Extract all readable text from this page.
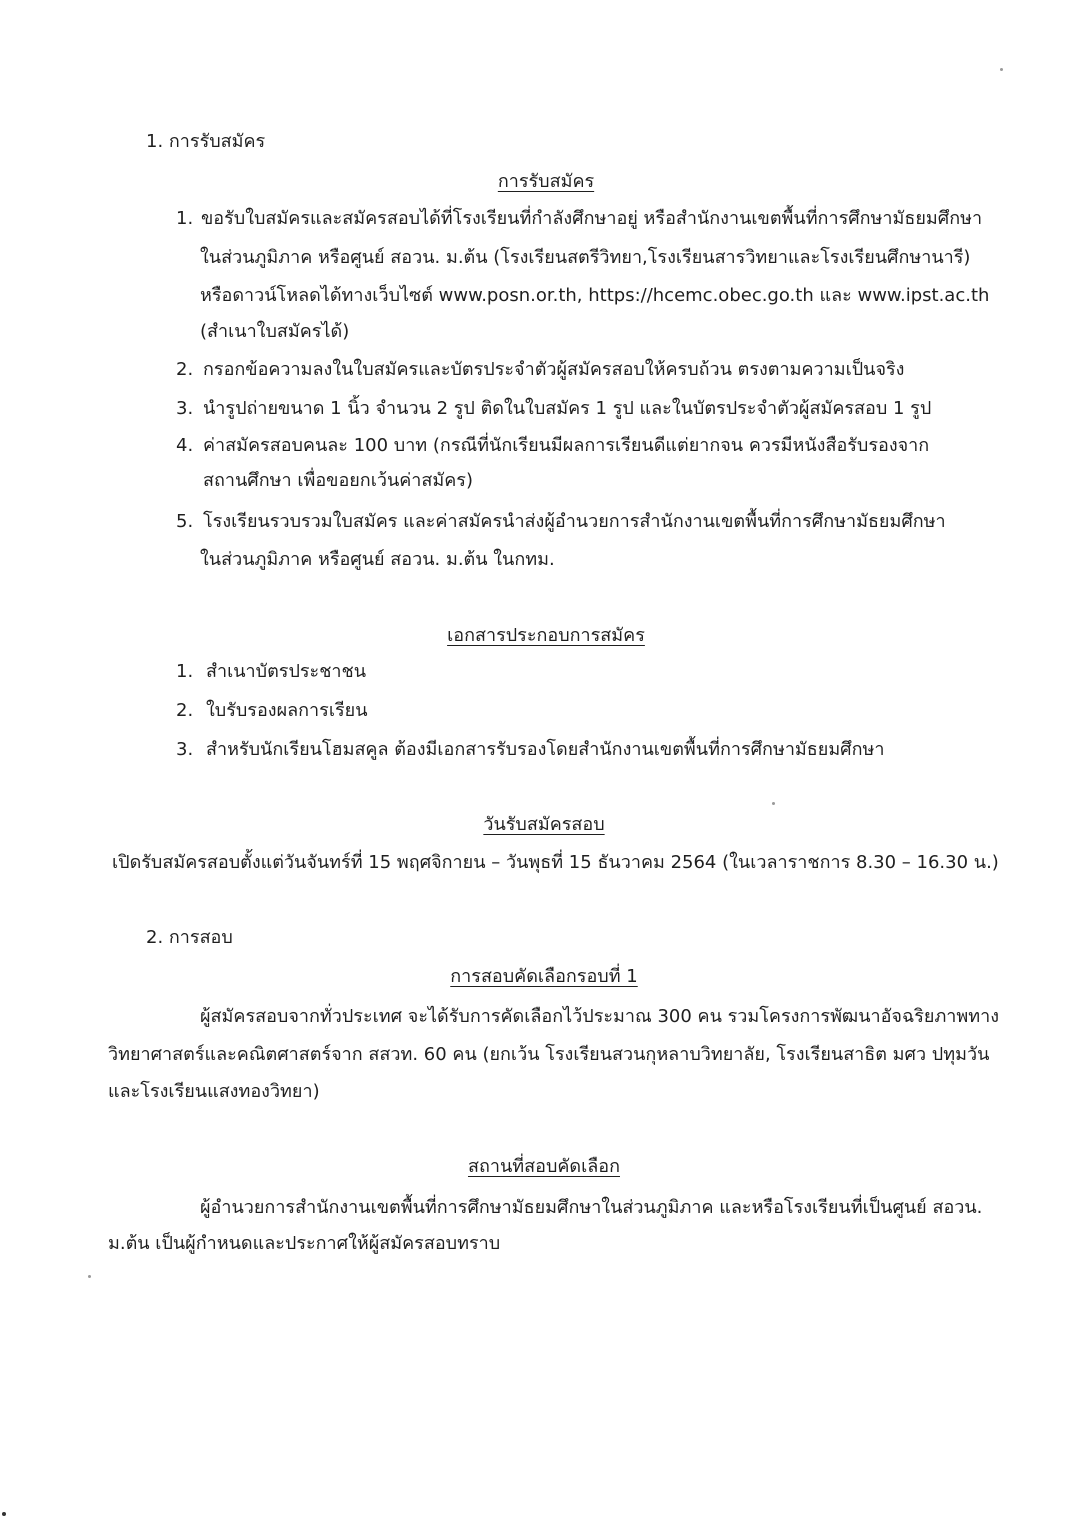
1. การรับสมัคร
การรับสมัคร
1. ขอรับใบสมัครและสมัครสอบได้ที่โรงเรียนที่กำลังศึกษาอยู่ หรือสำนักงานเขตพื้นที่การศึกษามัธยมศึกษา
ในส่วนภูมิภาค หรือศูนย์ สอวน. ม.ต้น (โรงเรียนสตรีวิทยา,โรงเรียนสารวิทยาและโรงเรียนศึกษานารี)
หรือดาวน์โหลดได้ทางเว็บไซต์ www.posn.or.th, https://hcemc.obec.go.th และ www.ipst.ac.th
(สำเนาใบสมัครได้)
2. กรอกข้อความลงในใบสมัครและบัตรประจำตัวผู้สมัครสอบให้ครบถ้วน ตรงตามความเป็นจริง
3. นำรูปถ่ายขนาด 1 นิ้ว จำนวน 2 รูป ติดในใบสมัคร 1 รูป และในบัตรประจำตัวผู้สมัครสอบ 1 รูป
4. ค่าสมัครสอบคนละ 100 บาท (กรณีที่นักเรียนมีผลการเรียนดีแต่ยากจน ควรมีหนังสือรับรองจาก
สถานศึกษา เพื่อขอยกเว้นค่าสมัคร)
5. โรงเรียนรวบรวมใบสมัคร และค่าสมัครนำส่งผู้อำนวยการสำนักงานเขตพื้นที่การศึกษามัธยมศึกษา
ในส่วนภูมิภาค หรือศูนย์ สอวน. ม.ต้น ในกทม.
เอกสารประกอบการสมัคร
1. สำเนาบัตรประชาชน
2. ใบรับรองผลการเรียน
3. สำหรับนักเรียนโฮมสคูล ต้องมีเอกสารรับรองโดยสำนักงานเขตพื้นที่การศึกษามัธยมศึกษา
วันรับสมัครสอบ
เปิดรับสมัครสอบตั้งแต่วันจันทร์ที่ 15 พฤศจิกายน – วันพุธที่ 15 ธันวาคม 2564 (ในเวลาราชการ 8.30 – 16.30 น.)
2. การสอบ
การสอบคัดเลือกรอบที่ 1
ผู้สมัครสอบจากทั่วประเทศ จะได้รับการคัดเลือกไว้ประมาณ 300 คน รวมโครงการพัฒนาอัจฉริยภาพทาง
วิทยาศาสตร์และคณิตศาสตร์จาก สสวท. 60 คน (ยกเว้น โรงเรียนสวนกุหลาบวิทยาลัย, โรงเรียนสาธิต มศว ปทุมวัน
และโรงเรียนแสงทองวิทยา)
สถานที่สอบคัดเลือก
ผู้อำนวยการสำนักงานเขตพื้นที่การศึกษามัธยมศึกษาในส่วนภูมิภาค และหรือโรงเรียนที่เป็นศูนย์ สอวน.
ม.ต้น เป็นผู้กำหนดและประกาศให้ผู้สมัครสอบทราบ
